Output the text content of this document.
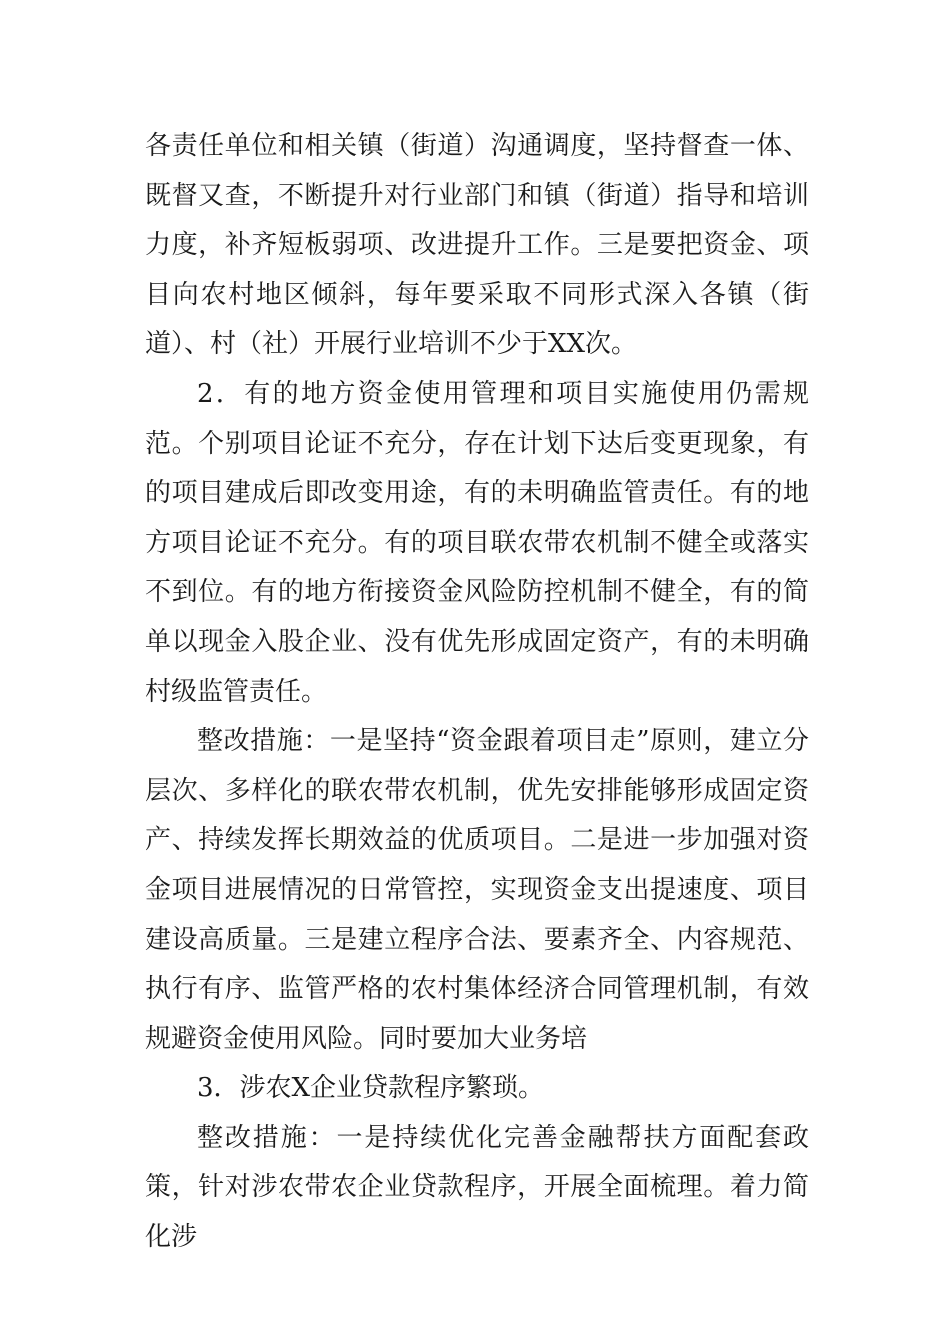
各责任单位和相关镇（街道）沟通调度，坚持督查一体、既督又查，不断提升对行业部门和镇（街道）指导和培训力度，补齐短板弱项、改进提升工作。三是要把资金、项目向农村地区倾斜，每年要采取不同形式深入各镇（街道）、村（社）开展行业培训不少于XX次。

2．有的地方资金使用管理和项目实施使用仍需规范。个别项目论证不充分，存在计划下达后变更现象，有的项目建成后即改变用途，有的未明确监管责任。有的地方项目论证不充分。有的项目联农带农机制不健全或落实不到位。有的地方衔接资金风险防控机制不健全，有的简单以现金入股企业、没有优先形成固定资产，有的未明确村级监管责任。

整改措施：一是坚持“资金跟着项目走”原则，建立分层次、多样化的联农带农机制，优先安排能够形成固定资产、持续发挥长期效益的优质项目。二是进一步加强对资金项目进展情况的日常管控，实现资金支出提速度、项目建设高质量。三是建立程序合法、要素齐全、内容规范、执行有序、监管严格的农村集体经济合同管理机制，有效规避资金使用风险。同时要加大业务培

3．涉农X企业贷款程序繁琐。

整改措施：一是持续优化完善金融帮扶方面配套政策，针对涉农带农企业贷款程序，开展全面梳理。着力简化涉
